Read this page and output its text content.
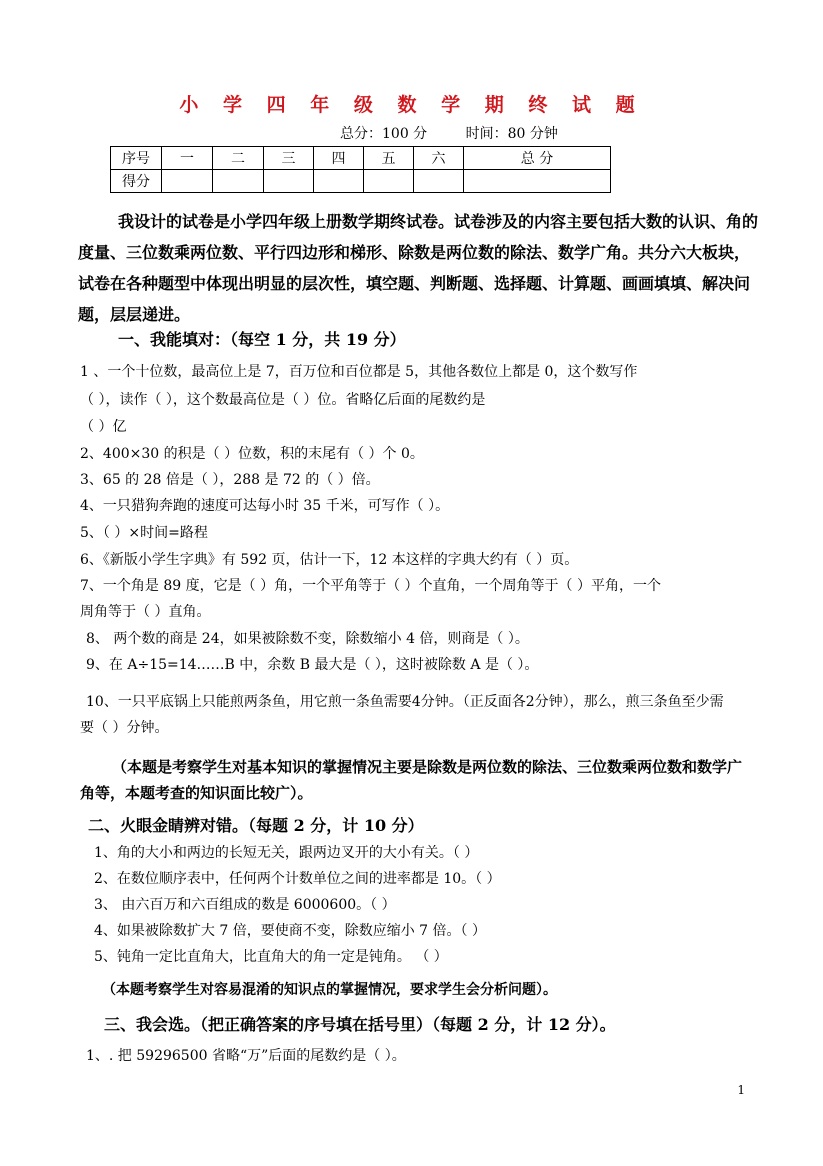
小 学 四 年 级 数 学 期 终 试 题
总分：100 分	时间：80 分钟
序号	一	二	三	四	五	六	总 分
得分							
我设计的试卷是小学四年级上册数学期终试卷。试卷涉及的内容主要包括大数的认识、角的度量、三位数乘两位数、平行四边形和梯形、除数是两位数的除法、数学广角。共分六大板块，试卷在各种题型中体现出明显的层次性，填空题、判断题、选择题、计算题、画画填填、解决问题，层层递进。
一、我能填对：（每空 1 分，共 19 分）
1 、一个十位数，最高位上是 7，百万位和百位都是 5，其他各数位上都是 0，这个数写作
（ ），读作（ ），这个数最高位是（ ）位。省略亿后面的尾数约是
（ ）亿
2、400×30 的积是（ ）位数，积的末尾有（ ）个 0。
3、65 的 28 倍是（ ），288 是 72 的（ ）倍。
4、一只猎狗奔跑的速度可达每小时 35 千米，可写作（ ）。
5、（ ）×时间=路程
6、《新版小学生字典》有 592 页，估计一下，12 本这样的字典大约有（ ）页。
7、一个角是 89 度，它是（ ）角，一个平角等于（ ）个直角，一个周角等于（ ）平角，一个
周角等于（ ）直角。
8、 两个数的商是 24，如果被除数不变，除数缩小 4 倍，则商是（ ）。
9、在 A÷15=14……B 中，余数 B 最大是（ ），这时被除数 A 是（ ）。
10、一只平底锅上只能煎两条鱼，用它煎一条鱼需要4分钟。（正反面各2分钟），那么，煎三条鱼至少需
要（ ）分钟。
（本题是考察学生对基本知识的掌握情况主要是除数是两位数的除法、三位数乘两位数和数学广角等，本题考查的知识面比较广）。
二、火眼金睛辨对错。（每题 2 分，计 10 分）
1、角的大小和两边的长短无关，跟两边叉开的大小有关。（ ）
2、在数位顺序表中，任何两个计数单位之间的进率都是 10。（ ）
3、 由六百万和六百组成的数是 6000600。（ ）
4、如果被除数扩大 7 倍，要使商不变，除数应缩小 7 倍。（ ）
5、钝角一定比直角大，比直角大的角一定是钝角。 （ ）
（本题考察学生对容易混淆的知识点的掌握情况，要求学生会分析问题）。
三、我会选。（把正确答案的序号填在括号里）（每题 2 分，计 12 分）。
1、. 把 59296500 省略“万”后面的尾数约是（ ）。
1
